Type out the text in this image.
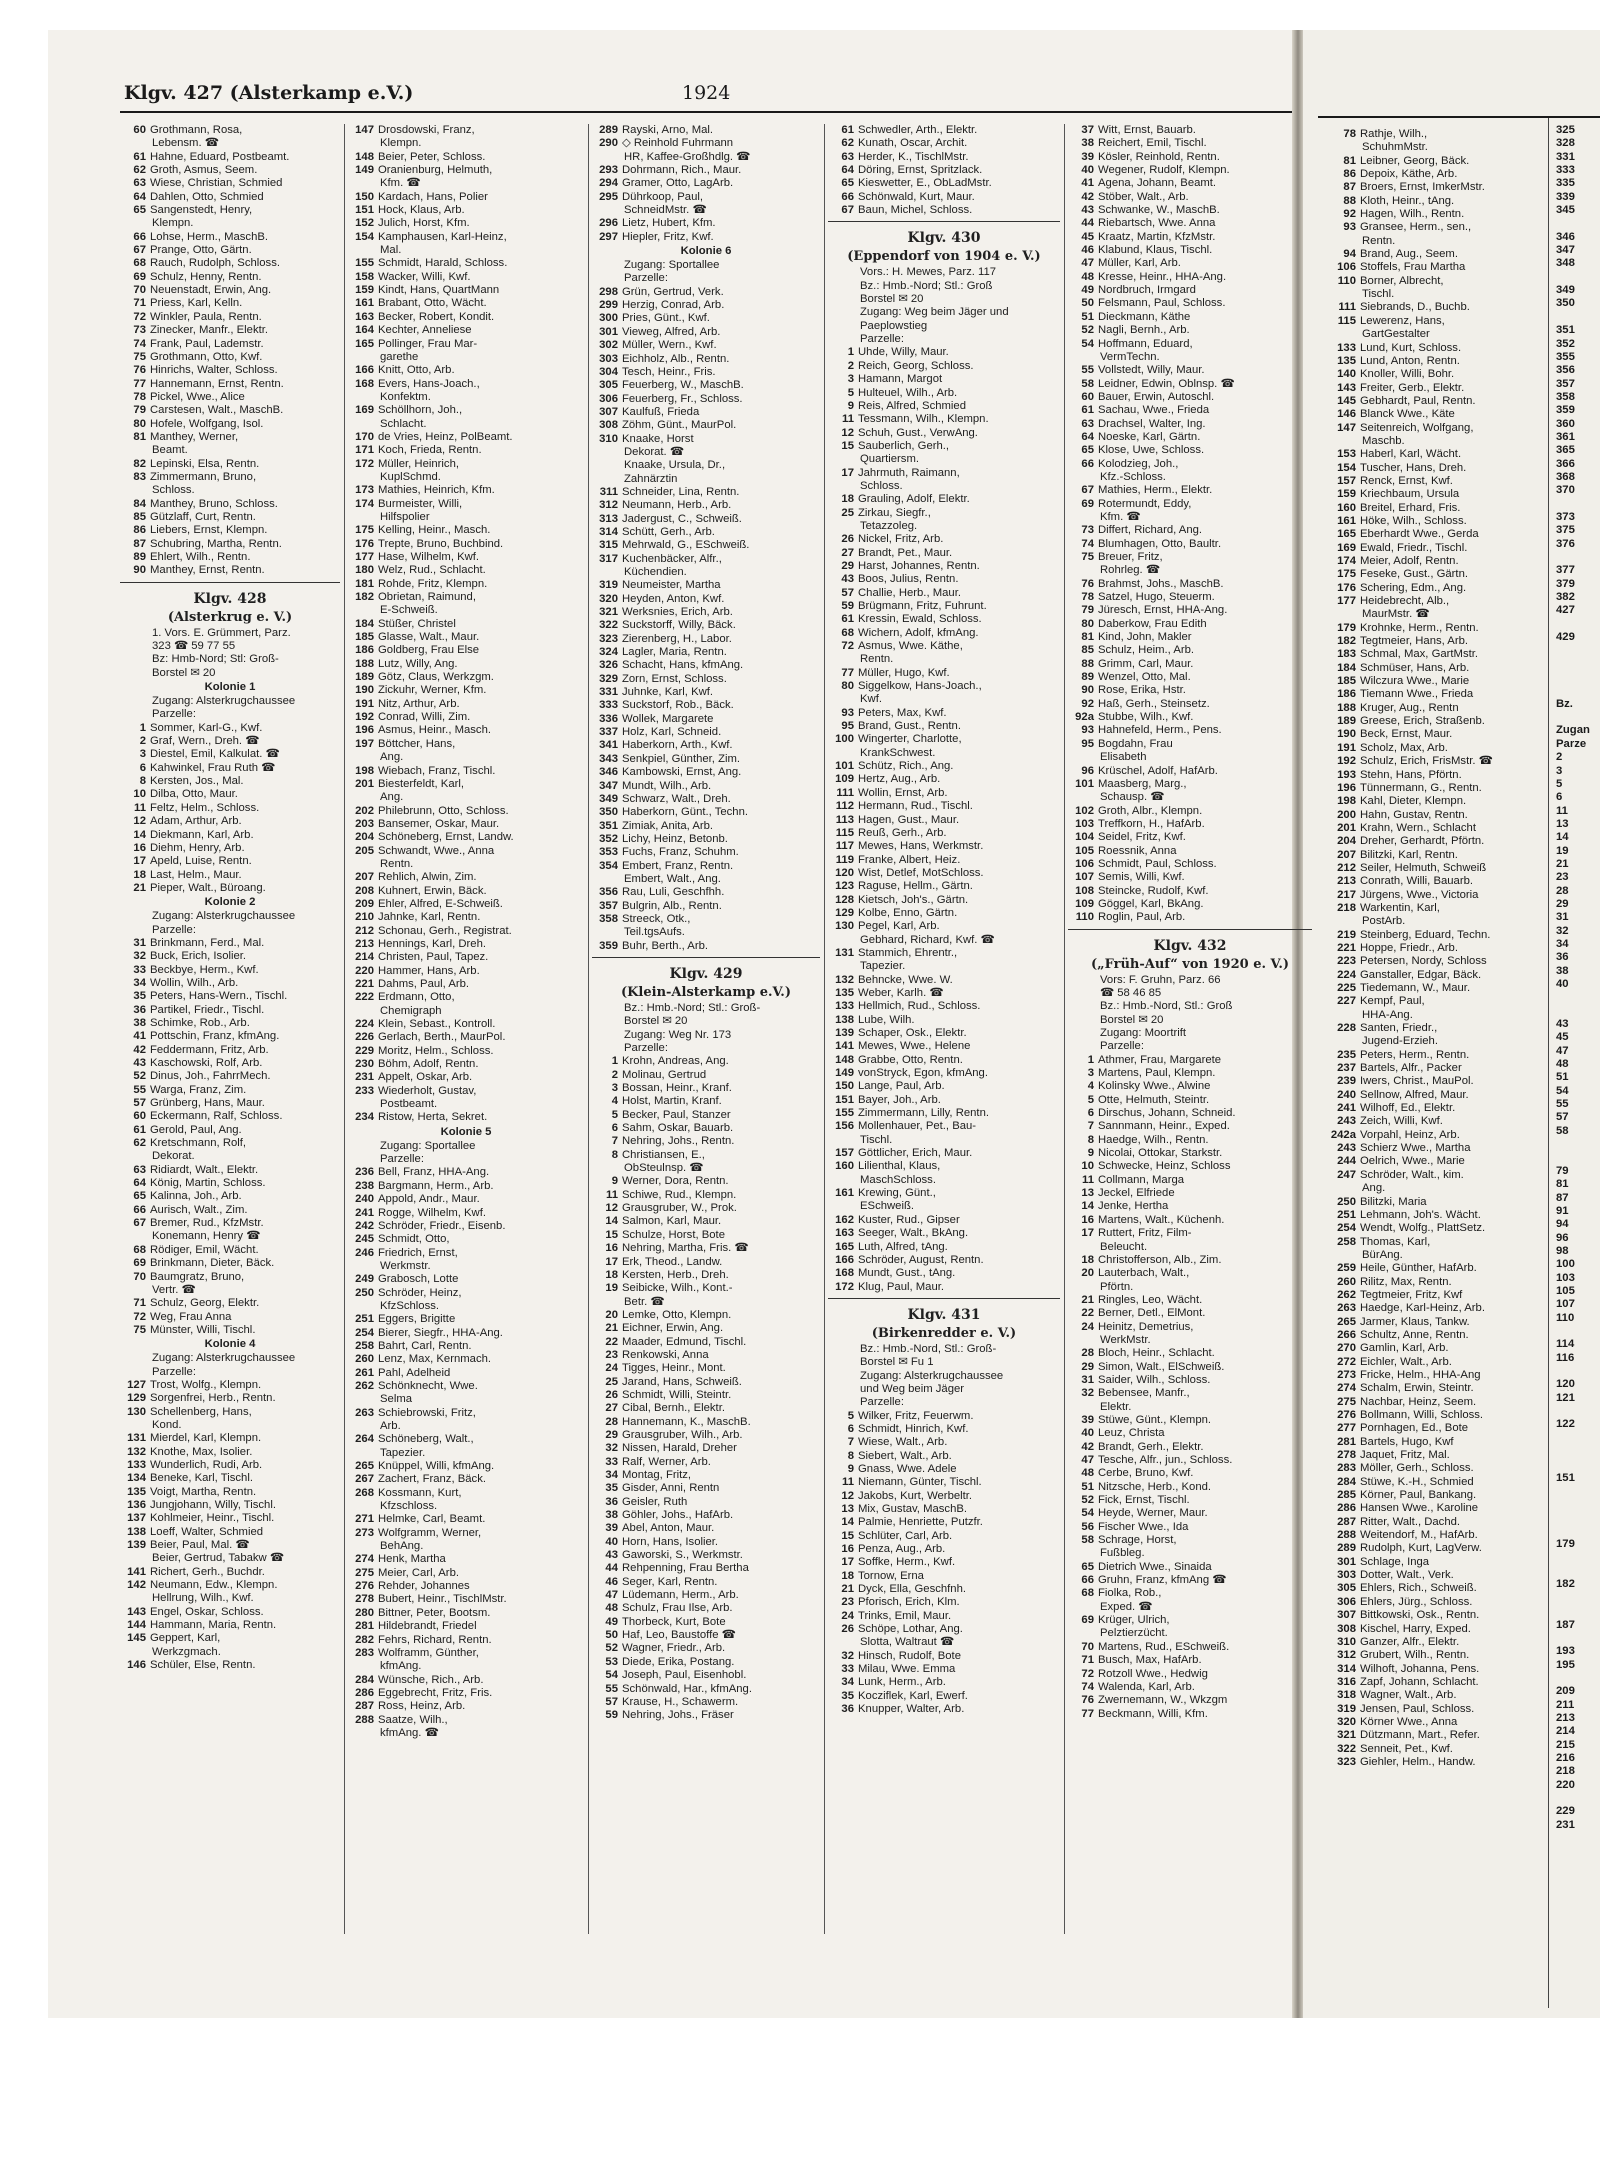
Klgv. 427 (Alsterkamp e.V.)	1924
60 Grothmann, Rosa,
Lebensm. ☎
61 Hahne, Eduard, Postbeamt.
62 Groth, Asmus, Seem.
63 Wiese, Christian, Schmied
64 Dahlen, Otto, Schmied
65 Sangenstedt, Henry,
Klempn.
66 Lohse, Herm., MaschB.
67 Prange, Otto, Gärtn.
68 Rauch, Rudolph, Schloss.
69 Schulz, Henny, Rentn.
70 Neuenstadt, Erwin, Ang.
71 Priess, Karl, Kelln.
72 Winkler, Paula, Rentn.
73 Zinecker, Manfr., Elektr.
74 Frank, Paul, Lademstr.
75 Grothmann, Otto, Kwf.
76 Hinrichs, Walter, Schloss.
77 Hannemann, Ernst, Rentn.
78 Pickel, Wwe., Alice
79 Carstesen, Walt., MaschB.
80 Hofele, Wolfgang, Isol.
81 Manthey, Werner,
Beamt.
82 Lepinski, Elsa, Rentn.
83 Zimmermann, Bruno,
Schloss.
84 Manthey, Bruno, Schloss.
85 Gützlaff, Curt, Rentn.
86 Liebers, Ernst, Klempn.
87 Schubring, Martha, Rentn.
89 Ehlert, Wilh., Rentn.
90 Manthey, Ernst, Rentn.
Klgv. 428
(Alsterkrug e. V.)
1. Vors. E. Grümmert, Parz.
323 ☎ 59 77 55
Bz: Hmb-Nord; Stl: Groß-
Borstel ✉ 20
Kolonie 1
Zugang: Alsterkrugchaussee
Parzelle:
1 Sommer, Karl-G., Kwf.
2 Graf, Wern., Dreh. ☎
3 Diestel, Emil, Kalkulat. ☎
6 Kahwinkel, Frau Ruth ☎
8 Kersten, Jos., Mal.
10 Dilba, Otto, Maur.
11 Feltz, Helm., Schloss.
12 Adam, Arthur, Arb.
14 Diekmann, Karl, Arb.
16 Diehm, Henry, Arb.
17 Apeld, Luise, Rentn.
18 Last, Helm., Maur.
21 Pieper, Walt., Büroang.
Kolonie 2
Zugang: Alsterkrugchaussee
Parzelle:
31 Brinkmann, Ferd., Mal.
32 Buck, Erich, Isolier.
33 Beckbye, Herm., Kwf.
34 Wollin, Wilh., Arb.
35 Peters, Hans-Wern., Tischl.
36 Partikel, Friedr., Tischl.
38 Schimke, Rob., Arb.
41 Pottschin, Franz, kfmAng.
42 Feddermann, Fritz, Arb.
43 Kaschowski, Rolf, Arb.
52 Dinus, Joh., FahrrMech.
55 Warga, Franz, Zim.
57 Grünberg, Hans, Maur.
60 Eckermann, Ralf, Schloss.
61 Gerold, Paul, Ang.
62 Kretschmann, Rolf,
Dekorat.
63 Ridiardt, Walt., Elektr.
64 König, Martin, Schloss.
65 Kalinna, Joh., Arb.
66 Aurisch, Walt., Zim.
67 Bremer, Rud., KfzMstr.
Konemann, Henry ☎
68 Rödiger, Emil, Wächt.
69 Brinkmann, Dieter, Bäck.
70 Baumgratz, Bruno,
Vertr. ☎
71 Schulz, Georg, Elektr.
72 Weg, Frau Anna
75 Münster, Willi, Tischl.
Kolonie 4
Zugang: Alsterkrugchaussee
Parzelle:
127 Trost, Wolfg., Klempn.
129 Sorgenfrei, Herb., Rentn.
130 Schellenberg, Hans,
Kond.
131 Mierdel, Karl, Klempn.
132 Knothe, Max, Isolier.
133 Wunderlich, Rudi, Arb.
134 Beneke, Karl, Tischl.
135 Voigt, Martha, Rentn.
136 Jungjohann, Willy, Tischl.
137 Kohlmeier, Heinr., Tischl.
138 Loeff, Walter, Schmied
139 Beier, Paul, Mal. ☎
Beier, Gertrud, Tabakw ☎
141 Richert, Gerh., Buchdr.
142 Neumann, Edw., Klempn.
Hellrung, Wilh., Kwf.
143 Engel, Oskar, Schloss.
144 Hammann, Maria, Rentn.
145 Geppert, Karl,
Werkzgmach.
146 Schüler, Else, Rentn.
147 Drosdowski, Franz,
Klempn.
148 Beier, Peter, Schloss.
149 Oranienburg, Helmuth,
Kfm. ☎
150 Kardach, Hans, Polier
151 Hock, Klaus, Arb.
152 Julich, Horst, Kfm.
154 Kamphausen, Karl-Heinz,
Mal.
155 Schmidt, Harald, Schloss.
158 Wacker, Willi, Kwf.
159 Kindt, Hans, QuartMann
161 Brabant, Otto, Wächt.
163 Becker, Robert, Kondit.
164 Kechter, Anneliese
165 Pollinger, Frau Mar-
garethe
166 Knitt, Otto, Arb.
168 Evers, Hans-Joach.,
Konfektm.
169 Schöllhorn, Joh.,
Schlacht.
170 de Vries, Heinz, PolBeamt.
171 Koch, Frieda, Rentn.
172 Müller, Heinrich,
KuplSchmd.
173 Mathies, Heinrich, Kfm.
174 Burmeister, Willi,
Hilfspolier
175 Kelling, Heinr., Masch.
176 Trepte, Bruno, Buchbind.
177 Hase, Wilhelm, Kwf.
180 Welz, Rud., Schlacht.
181 Rohde, Fritz, Klempn.
182 Obrietan, Raimund,
E-Schweiß.
184 Stüßer, Christel
185 Glasse, Walt., Maur.
186 Goldberg, Frau Else
188 Lutz, Willy, Ang.
189 Götz, Claus, Werkzgm.
190 Zickuhr, Werner, Kfm.
191 Nitz, Arthur, Arb.
192 Conrad, Willi, Zim.
196 Asmus, Heinr., Masch.
197 Böttcher, Hans,
Ang.
198 Wiebach, Franz, Tischl.
201 Biesterfeldt, Karl,
Ang.
202 Philebrunn, Otto, Schloss.
203 Bansemer, Oskar, Maur.
204 Schöneberg, Ernst, Landw.
205 Schwandt, Wwe., Anna
Rentn.
207 Rehlich, Alwin, Zim.
208 Kuhnert, Erwin, Bäck.
209 Ehler, Alfred, E-Schweiß.
210 Jahnke, Karl, Rentn.
212 Schonau, Gerh., Registrat.
213 Hennings, Karl, Dreh.
214 Christen, Paul, Tapez.
220 Hammer, Hans, Arb.
221 Dahms, Paul, Arb.
222 Erdmann, Otto,
Chemigraph
224 Klein, Sebast., Kontroll.
226 Gerlach, Berth., MaurPol.
229 Moritz, Helm., Schloss.
230 Böhm, Adolf, Rentn.
231 Appelt, Oskar, Arb.
233 Wiederholt, Gustav,
Postbeamt.
234 Ristow, Herta, Sekret.
Kolonie 5
Zugang: Sportallee
Parzelle:
236 Bell, Franz, HHA-Ang.
238 Bargmann, Herm., Arb.
240 Appold, Andr., Maur.
241 Rogge, Wilhelm, Kwf.
242 Schröder, Friedr., Eisenb.
245 Schmidt, Otto,
246 Friedrich, Ernst,
Werkmstr.
249 Grabosch, Lotte
250 Schröder, Heinz,
KfzSchloss.
251 Eggers, Brigitte
254 Bierer, Siegfr., HHA-Ang.
258 Bahrt, Carl, Rentn.
260 Lenz, Max, Kernmach.
261 Pahl, Adelheid
262 Schönknecht, Wwe.
Selma
263 Schiebrowski, Fritz,
Arb.
264 Schöneberg, Walt.,
Tapezier.
265 Knüppel, Willi, kfmAng.
267 Zachert, Franz, Bäck.
268 Kossmann, Kurt,
Kfzschloss.
271 Helmke, Carl, Beamt.
273 Wolfgramm, Werner,
BehAng.
274 Henk, Martha
275 Meier, Carl, Arb.
276 Rehder, Johannes
278 Bubert, Heinr., TischlMstr.
280 Bittner, Peter, Bootsm.
281 Hildebrandt, Friedel
282 Fehrs, Richard, Rentn.
283 Wolframm, Günther,
kfmAng.
284 Wünsche, Rich., Arb.
286 Eggebrecht, Fritz, Fris.
287 Ross, Heinz, Arb.
288 Saatze, Wilh.,
kfmAng. ☎
289 Rayski, Arno, Mal.
290 ◇ Reinhold Fuhrmann
HR, Kaffee-Großhdlg. ☎
293 Dohrmann, Rich., Maur.
294 Gramer, Otto, LagArb.
295 Dührkoop, Paul,
SchneidMstr. ☎
296 Lietz, Hubert, Kfm.
297 Hiepler, Fritz, Kwf.
Kolonie 6
Zugang: Sportallee
Parzelle:
298 Grün, Gertrud, Verk.
299 Herzig, Conrad, Arb.
300 Pries, Günt., Kwf.
301 Vieweg, Alfred, Arb.
302 Müller, Wern., Kwf.
303 Eichholz, Alb., Rentn.
304 Tesch, Heinr., Fris.
305 Feuerberg, W., MaschB.
306 Feuerberg, Fr., Schloss.
307 Kaulfuß, Frieda
308 Zöhm, Günt., MaurPol.
310 Knaake, Horst
Dekorat. ☎
Knaake, Ursula, Dr.,
Zahnärztin
311 Schneider, Lina, Rentn.
312 Neumann, Herb., Arb.
313 Jadergust, C., Schweiß.
314 Schütt, Gerh., Arb.
315 Mehrwald, G., ESchweiß.
317 Kuchenbäcker, Alfr.,
Küchendien.
319 Neumeister, Martha
320 Heyden, Anton, Kwf.
321 Werksnies, Erich, Arb.
322 Suckstorff, Willy, Bäck.
323 Zierenberg, H., Labor.
324 Lagler, Maria, Rentn.
326 Schacht, Hans, kfmAng.
329 Zorn, Ernst, Schloss.
331 Juhnke, Karl, Kwf.
333 Suckstorf, Rob., Bäck.
336 Wollek, Margarete
337 Holz, Karl, Schneid.
341 Haberkorn, Arth., Kwf.
343 Senkpiel, Günther, Zim.
346 Kambowski, Ernst, Ang.
347 Mundt, Wilh., Arb.
349 Schwarz, Walt., Dreh.
350 Haberkorn, Günt., Techn.
351 Zimiak, Anita, Arb.
352 Lichy, Heinz, Betonb.
353 Fuchs, Franz, Schuhm.
354 Embert, Franz, Rentn.
Embert, Walt., Ang.
356 Rau, Luli, Geschfhh.
357 Bulgrin, Alb., Rentn.
358 Streeck, Otk.,
Teil.tgsAufs.
359 Buhr, Berth., Arb.
Klgv. 429
(Klein-Alsterkamp e.V.)
Bz.: Hmb.-Nord; Stl.: Groß-
Borstel ✉ 20
Zugang: Weg Nr. 173
Parzelle:
1 Krohn, Andreas, Ang.
2 Molinau, Gertrud
3 Bossan, Heinr., Kranf.
4 Holst, Martin, Kranf.
5 Becker, Paul, Stanzer
6 Sahm, Oskar, Bauarb.
7 Nehring, Johs., Rentn.
8 Christiansen, E.,
ObSteulnsp. ☎
9 Werner, Dora, Rentn.
11 Schiwe, Rud., Klempn.
12 Grausgruber, W., Prok.
14 Salmon, Karl, Maur.
15 Schulze, Horst, Bote
16 Nehring, Martha, Fris. ☎
17 Erk, Theod., Landw.
18 Kersten, Herb., Dreh.
19 Seibicke, Wilh., Kont.-
Betr. ☎
20 Lemke, Otto, Klempn.
21 Eichner, Erwin, Ang.
22 Maader, Edmund, Tischl.
23 Renkowski, Anna
24 Tigges, Heinr., Mont.
25 Jarand, Hans, Schweiß.
26 Schmidt, Willi, Steintr.
27 Cibal, Bernh., Elektr.
28 Hannemann, K., MaschB.
29 Grausgruber, Wilh., Arb.
32 Nissen, Harald, Dreher
33 Ralf, Werner, Arb.
34 Montag, Fritz,
35 Gisder, Anni, Rentn
36 Geisler, Ruth
38 Göhler, Johs., HafArb.
39 Abel, Anton, Maur.
40 Horn, Hans, Isolier.
43 Gaworski, S., Werkmstr.
44 Rehpenning, Frau Bertha
46 Seger, Karl, Rentn.
47 Lüdemann, Herm., Arb.
48 Schulz, Frau Ilse, Arb.
49 Thorbeck, Kurt, Bote
50 Haf, Leo, Baustoffe ☎
52 Wagner, Friedr., Arb.
53 Diede, Erika, Postang.
54 Joseph, Paul, Eisenhobl.
55 Schönwald, Har., kfmAng.
57 Krause, H., Schawerm.
59 Nehring, Johs., Fräser
61 Schwedler, Arth., Elektr.
62 Kunath, Oscar, Archit.
63 Herder, K., TischlMstr.
64 Döring, Ernst, Spritzlack.
65 Kieswetter, E., ObLadMstr.
66 Schönwald, Kurt, Maur.
67 Baun, Michel, Schloss.
Klgv. 430
(Eppendorf von 1904 e. V.)
Vors.: H. Mewes, Parz. 117
Bz.: Hmb.-Nord; Stl.: Groß
Borstel ✉ 20
Zugang: Weg beim Jäger und
Paeplowstieg
Parzelle:
1 Uhde, Willy, Maur.
2 Reich, Georg, Schloss.
3 Hamann, Margot
5 Hulteuel, Wilh., Arb.
9 Reis, Alfred, Schmied
11 Tessmann, Wilh., Klempn.
12 Schuh, Gust., VerwAng.
15 Sauberlich, Gerh.,
Quartiersm.
17 Jahrmuth, Raimann,
Schloss.
18 Grauling, Adolf, Elektr.
25 Zirkau, Siegfr.,
Tetazzoleg.
26 Nickel, Fritz, Arb.
27 Brandt, Pet., Maur.
29 Harst, Johannes, Rentn.
43 Boos, Julius, Rentn.
57 Challie, Herb., Maur.
59 Brügmann, Fritz, Fuhrunt.
61 Kressin, Ewald, Schloss.
68 Wichern, Adolf, kfmAng.
72 Asmus, Wwe. Käthe,
Rentn.
77 Müller, Hugo, Kwf.
80 Siggelkow, Hans-Joach.,
Kwf.
93 Peters, Max, Kwf.
95 Brand, Gust., Rentn.
100 Wingerter, Charlotte,
KrankSchwest.
101 Schütz, Rich., Ang.
109 Hertz, Aug., Arb.
111 Wollin, Ernst, Arb.
112 Hermann, Rud., Tischl.
113 Hagen, Gust., Maur.
115 Reuß, Gerh., Arb.
117 Mewes, Hans, Werkmstr.
119 Franke, Albert, Heiz.
120 Wist, Detlef, MotSchloss.
123 Raguse, Hellm., Gärtn.
128 Kietsch, Joh's., Gärtn.
129 Kolbe, Enno, Gärtn.
130 Pegel, Karl, Arb.
Gebhard, Richard, Kwf. ☎
131 Stammich, Ehrentr.,
Tapezier.
132 Behncke, Wwe. W.
135 Weber, Karlh. ☎
133 Hellmich, Rud., Schloss.
138 Lube, Wilh.
139 Schaper, Osk., Elektr.
141 Mewes, Wwe., Helene
148 Grabbe, Otto, Rentn.
149 vonStryck, Egon, kfmAng.
150 Lange, Paul, Arb.
151 Bayer, Joh., Arb.
155 Zimmermann, Lilly, Rentn.
156 Mollenhauer, Pet., Bau-
Tischl.
157 Göttlicher, Erich, Maur.
160 Lilienthal, Klaus,
MaschSchloss.
161 Krewing, Günt.,
ESchweiß.
162 Kuster, Rud., Gipser
163 Seeger, Walt., BkAng.
165 Luth, Alfred, tAng.
166 Schröder, August, Rentn.
168 Mundt, Gust., tAng.
172 Klug, Paul, Maur.
Klgv. 431
(Birkenredder e. V.)
Bz.: Hmb.-Nord, Stl.: Groß-
Borstel ✉ Fu 1
Zugang: Alsterkrugchaussee
und Weg beim Jäger
Parzelle:
5 Wilker, Fritz, Feuerwm.
6 Schmidt, Hinrich, Kwf.
7 Wiese, Walt., Arb.
8 Siebert, Walt., Arb.
9 Gnass, Wwe. Adele
11 Niemann, Günter, Tischl.
12 Jakobs, Kurt, Werbeltr.
13 Mix, Gustav, MaschB.
14 Palmie, Henriette, Putzfr.
15 Schlüter, Carl, Arb.
16 Penza, Aug., Arb.
17 Soffke, Herm., Kwf.
18 Tornow, Erna
21 Dyck, Ella, Geschfnh.
23 Pforisch, Erich, Klm.
24 Trinks, Emil, Maur.
26 Schöpe, Lothar, Ang.
Slotta, Waltraut ☎
32 Hinsch, Rudolf, Bote
33 Milau, Wwe. Emma
34 Lunk, Herm., Arb.
35 Kocziflek, Karl, Ewerf.
36 Knupper, Walter, Arb.
37 Witt, Ernst, Bauarb.
38 Reichert, Emil, Tischl.
39 Kösler, Reinhold, Rentn.
40 Wegener, Rudolf, Klempn.
41 Agena, Johann, Beamt.
42 Stöber, Walt., Arb.
43 Schwanke, W., MaschB.
44 Riebartsch, Wwe. Anna
45 Kraatz, Martin, KfzMstr.
46 Klabund, Klaus, Tischl.
47 Müller, Karl, Arb.
48 Kresse, Heinr., HHA-Ang.
49 Nordbruch, Irmgard
50 Felsmann, Paul, Schloss.
51 Dieckmann, Käthe
52 Nagli, Bernh., Arb.
54 Hoffmann, Eduard,
VermTechn.
55 Vollstedt, Willy, Maur.
58 Leidner, Edwin, Oblnsp. ☎
60 Bauer, Erwin, Autoschl.
61 Sachau, Wwe., Frieda
63 Drachsel, Walter, Ing.
64 Noeske, Karl, Gärtn.
65 Klose, Uwe, Schloss.
66 Kolodzieg, Joh.,
Kfz.-Schloss.
67 Mathies, Herm., Elektr.
69 Rotermundt, Eddy,
Kfm. ☎
73 Differt, Richard, Ang.
74 Blumhagen, Otto, Baultr.
75 Breuer, Fritz,
Rohrleg. ☎
76 Brahmst, Johs., MaschB.
78 Satzel, Hugo, Steuerm.
79 Jüresch, Ernst, HHA-Ang.
80 Daberkow, Frau Edith
81 Kind, John, Makler
85 Schulz, Heim., Arb.
88 Grimm, Carl, Maur.
89 Wenzel, Otto, Mal.
90 Rose, Erika, Hstr.
92 Haß, Gerh., Steinsetz.
92a Stubbe, Wilh., Kwf.
93 Hahnefeld, Herm., Pens.
95 Bogdahn, Frau
Elisabeth
96 Krüschel, Adolf, HafArb.
101 Maasberg, Marg.,
Schausp. ☎
102 Groth, Albr., Klempn.
103 Treffkorn, H., HafArb.
104 Seidel, Fritz, Kwf.
105 Roessnik, Anna
106 Schmidt, Paul, Schloss.
107 Semis, Willi, Kwf.
108 Steincke, Rudolf, Kwf.
109 Göggel, Karl, BkAng.
110 Roglin, Paul, Arb.
Klgv. 432
(„Früh-Auf“ von 1920 e. V.)
Vors: F. Gruhn, Parz. 66
☎ 58 46 85
Bz.: Hmb.-Nord, Stl.: Groß
Borstel ✉ 20
Zugang: Moortrift
Parzelle:
1 Athmer, Frau, Margarete
3 Martens, Paul, Klempn.
4 Kolinsky Wwe., Alwine
5 Otte, Helmuth, Steintr.
6 Dirschus, Johann, Schneid.
7 Sannmann, Heinr., Exped.
8 Haedge, Wilh., Rentn.
9 Nicolai, Ottokar, Starkstr.
10 Schwecke, Heinz, Schloss
11 Collmann, Marga
13 Jeckel, Elfriede
14 Jenke, Hertha
16 Martens, Walt., Küchenh.
17 Ruttert, Fritz, Film-
Beleucht.
18 Christofferson, Alb., Zim.
20 Lauterbach, Walt.,
Pförtn.
21 Ringles, Leo, Wächt.
22 Berner, Detl., ElMont.
24 Heinitz, Demetrius,
WerkMstr.
28 Bloch, Heinr., Schlacht.
29 Simon, Walt., ElSchweiß.
31 Saider, Wilh., Schloss.
32 Bebensee, Manfr.,
Elektr.
39 Stüwe, Günt., Klempn.
40 Leuz, Christa
42 Brandt, Gerh., Elektr.
47 Tesche, Alfr., jun., Schloss.
48 Cerbe, Bruno, Kwf.
51 Nitzsche, Herb., Kond.
52 Fick, Ernst, Tischl.
54 Heyde, Werner, Maur.
56 Fischer Wwe., Ida
58 Schrage, Horst,
Fußbleg.
65 Dietrich Wwe., Sinaida
66 Gruhn, Franz, kfmAng ☎
68 Fiolka, Rob.,
Exped. ☎
69 Krüger, Ulrich,
Pelztierzücht.
70 Martens, Rud., ESchweiß.
71 Busch, Max, HafArb.
72 Rotzoll Wwe., Hedwig
74 Walenda, Karl, Arb.
76 Zwernemann, W., Wkzgm
77 Beckmann, Willi, Kfm.
78 Rathje, Wilh.,
SchuhmMstr.
81 Leibner, Georg, Bäck.
86 Depoix, Käthe, Arb.
87 Broers, Ernst, ImkerMstr.
88 Kloth, Heinr., tAng.
92 Hagen, Wilh., Rentn.
93 Gransee, Herm., sen.,
Rentn.
94 Brand, Aug., Seem.
106 Stoffels, Frau Martha
110 Borner, Albrecht,
Tischl.
111 Siebrands, D., Buchb.
115 Lewerenz, Hans,
GartGestalter
133 Lund, Kurt, Schloss.
135 Lund, Anton, Rentn.
140 Knoller, Willi, Bohr.
143 Freiter, Gerb., Elektr.
145 Gebhardt, Paul, Rentn.
146 Blanck Wwe., Käte
147 Seitenreich, Wolfgang,
Maschb.
153 Haberl, Karl, Wächt.
154 Tuscher, Hans, Dreh.
157 Renck, Ernst, Kwf.
159 Kriechbaum, Ursula
160 Breitel, Erhard, Fris.
161 Höke, Wilh., Schloss.
165 Eberhardt Wwe., Gerda
169 Ewald, Friedr., Tischl.
174 Meier, Adolf, Rentn.
175 Feseke, Gust., Gärtn.
176 Schering, Edm., Ang.
177 Heidebrecht, Alb.,
MaurMstr. ☎
179 Krohnke, Herm., Rentn.
182 Tegtmeier, Hans, Arb.
183 Schmal, Max, GartMstr.
184 Schmüser, Hans, Arb.
185 Wilczura Wwe., Marie
186 Tiemann Wwe., Frieda
188 Kruger, Aug., Rentn
189 Greese, Erich, Straßenb.
190 Beck, Ernst, Maur.
191 Scholz, Max, Arb.
192 Schulz, Erich, FrisMstr. ☎
193 Stehn, Hans, Pförtn.
196 Tünnermann, G., Rentn.
198 Kahl, Dieter, Klempn.
200 Hahn, Gustav, Rentn.
201 Krahn, Wern., Schlacht
204 Dreher, Gerhardt, Pförtn.
207 Bilitzki, Karl, Rentn.
212 Seiler, Helmuth, Schweiß
213 Conrath, Willi, Bauarb.
217 Jürgens, Wwe., Victoria
218 Warkentin, Karl,
PostArb.
219 Steinberg, Eduard, Techn.
221 Hoppe, Friedr., Arb.
223 Petersen, Nordy, Schloss
224 Ganstaller, Edgar, Bäck.
225 Tiedemann, W., Maur.
227 Kempf, Paul,
HHA-Ang.
228 Santen, Friedr.,
Jugend-Erzieh.
235 Peters, Herm., Rentn.
237 Bartels, Alfr., Packer
239 Iwers, Christ., MauPol.
240 Sellnow, Alfred, Maur.
241 Wilhoff, Ed., Elektr.
243 Zeich, Willi, Kwf.
242a Vorpahl, Heinz, Arb.
243 Schierz Wwe., Martha
244 Oelrich, Wwe., Marie
247 Schröder, Walt., kim.
Ang.
250 Bilitzki, Maria
251 Lehmann, Joh's. Wächt.
254 Wendt, Wolfg., PlattSetz.
258 Thomas, Karl,
BürAng.
259 Heile, Günther, HafArb.
260 Rilitz, Max, Rentn.
262 Tegtmeier, Fritz, Kwf
263 Haedge, Karl-Heinz, Arb.
265 Jarmer, Klaus, Tankw.
266 Schultz, Anne, Rentn.
270 Gamlin, Karl, Arb.
272 Eichler, Walt., Arb.
273 Fricke, Helm., HHA-Ang
274 Schalm, Erwin, Steintr.
275 Nachbar, Heinz, Seem.
276 Bollmann, Willi, Schloss.
277 Pornhagen, Ed., Bote
281 Bartels, Hugo, Kwf
278 Jaquet, Fritz, Mal.
283 Möller, Gerh., Schloss.
284 Stüwe, K.-H., Schmied
285 Körner, Paul, Bankang.
286 Hansen Wwe., Karoline
287 Ritter, Walt., Dachd.
288 Weitendorf, M., HafArb.
289 Rudolph, Kurt, LagVerw.
301 Schlage, Inga
303 Dotter, Walt., Verk.
305 Ehlers, Rich., Schweiß.
306 Ehlers, Jürg., Schloss.
307 Bittkowski, Osk., Rentn.
308 Kischel, Harry, Exped.
310 Ganzer, Alfr., Elektr.
312 Grubert, Wilh., Rentn.
314 Wilhoft, Johanna, Pens.
316 Zapf, Johann, Schlacht.
318 Wagner, Walt., Arb.
319 Jensen, Paul, Schloss.
320 Körner Wwe., Anna
321 Dützmann, Mart., Refer.
322 Senneit, Pet., Kwf.
323 Giehler, Helm., Handw.
325
328
331
333
335
339
345
346
347
348
349
350
351
352
355
356
357
358
359
360
361
365
366
368
370
373
375
376
377
379
382
427
429
Bz.
Zugan
Parze
2
3
5
6
11
13
14
19
21
23
28
29
31
32
34
36
38
40
43
45
47
48
51
54
55
57
58
79
81
87
91
94
96
98
100
103
105
107
110
114
116
120
121
122
151
179
182
187
193
195
209
211
213
214
215
216
218
220
229
231
